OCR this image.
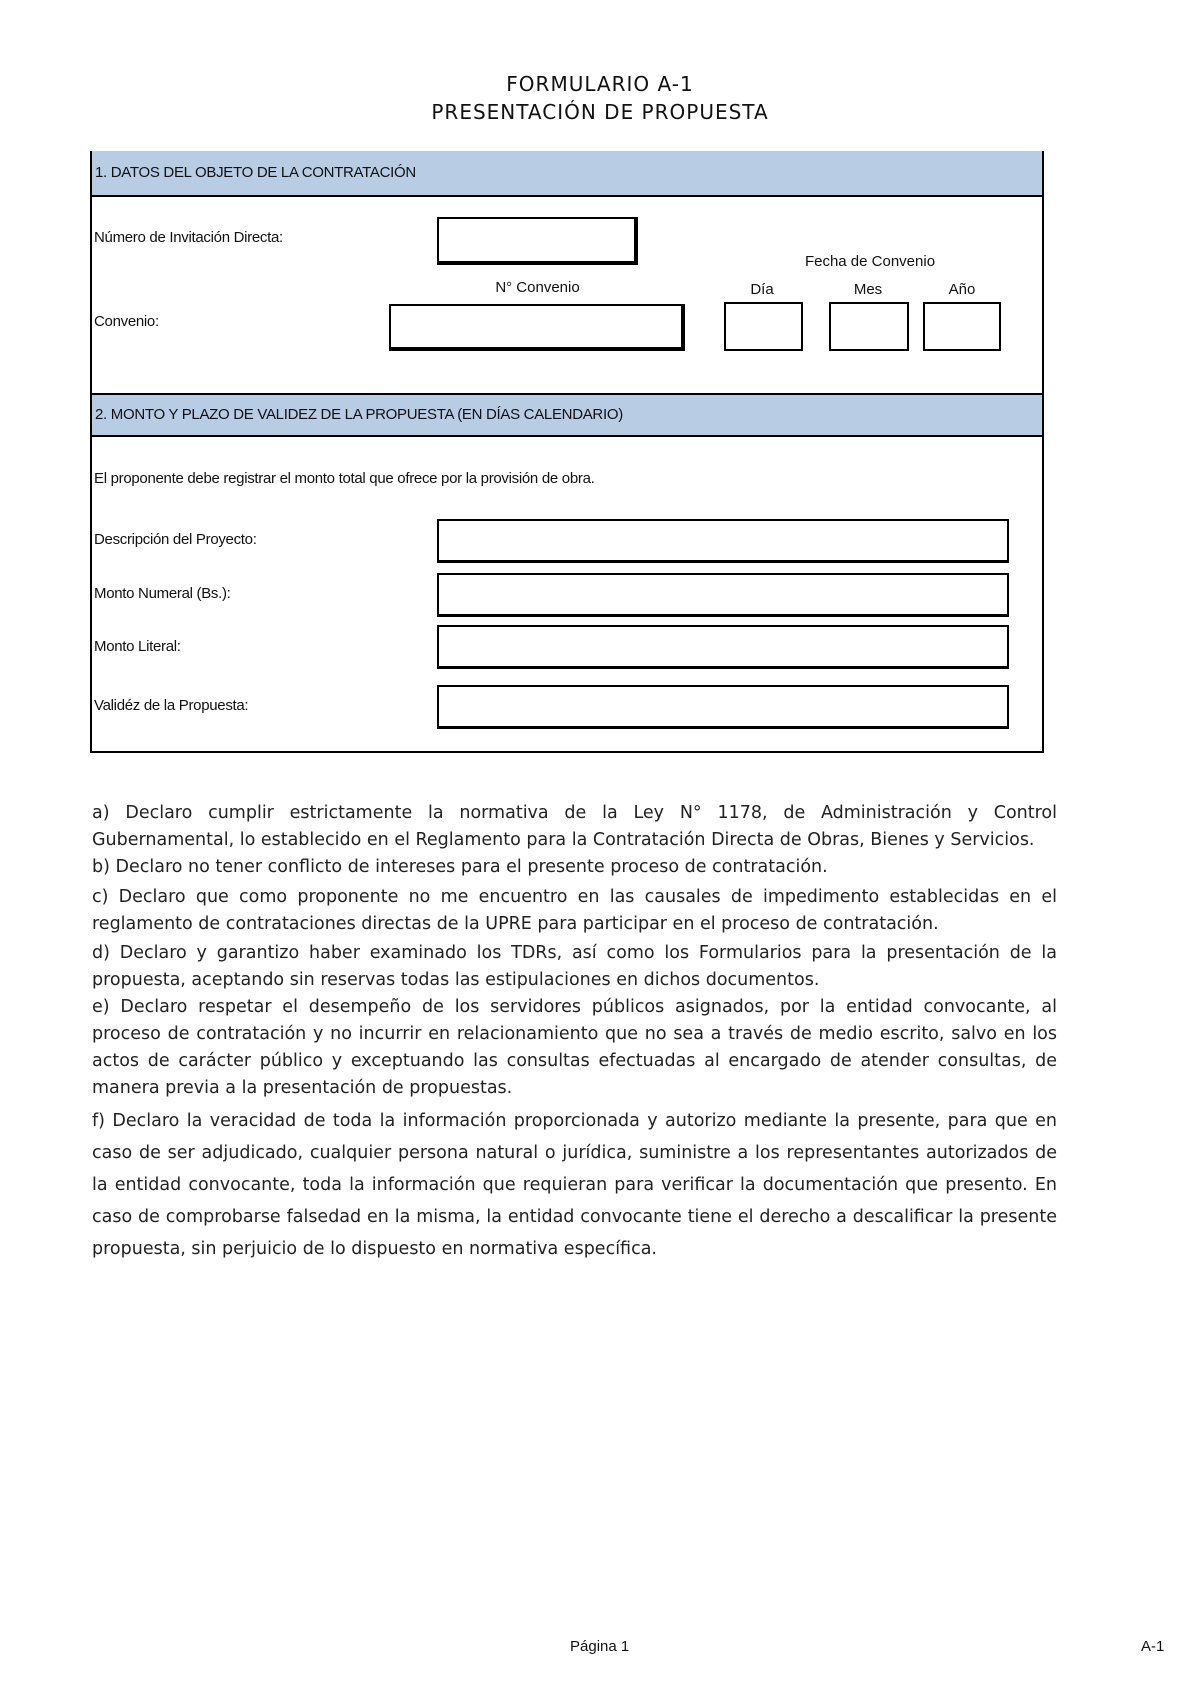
FORMULARIO A-1
PRESENTACIÓN DE PROPUESTA
1. DATOS DEL OBJETO DE LA CONTRATACIÓN
Número de Invitación Directa:
N° Convenio
Convenio:
Fecha de Convenio
Día	Mes	Año
2. MONTO Y PLAZO DE VALIDEZ DE LA PROPUESTA (EN DÍAS CALENDARIO)
El proponente debe registrar el monto total que ofrece por la provisión de obra.
Descripción del Proyecto:
Monto Numeral (Bs.):
Monto Literal:
Validéz de la Propuesta:

a) Declaro cumplir estrictamente la normativa de la Ley N° 1178, de Administración y Control Gubernamental, lo establecido en el Reglamento para la Contratación Directa de Obras, Bienes y Servicios.

b) Declaro no tener conflicto de intereses para el presente proceso de contratación.

c) Declaro que como proponente no me encuentro en las causales de impedimento establecidas en el reglamento de contrataciones directas de la UPRE para participar en el proceso de contratación.

d) Declaro y garantizo haber examinado los TDRs, así como los Formularios para la presentación de la propuesta, aceptando sin reservas todas las estipulaciones en dichos documentos.

e) Declaro respetar el desempeño de los servidores públicos asignados, por la entidad convocante, al proceso de contratación y no incurrir en relacionamiento que no sea a través de medio escrito, salvo en los actos de carácter público y exceptuando las consultas efectuadas al encargado de atender consultas, de manera previa a la presentación de propuestas.

f) Declaro la veracidad de toda la información proporcionada y autorizo mediante la presente, para que en caso de ser adjudicado, cualquier persona natural o jurídica, suministre a los representantes autorizados de la entidad convocante, toda la información que requieran para verificar la documentación que presento. En caso de comprobarse falsedad en la misma, la entidad convocante tiene el derecho a descalificar la presente propuesta, sin perjuicio de lo dispuesto en normativa específica.

Página 1	A-1
